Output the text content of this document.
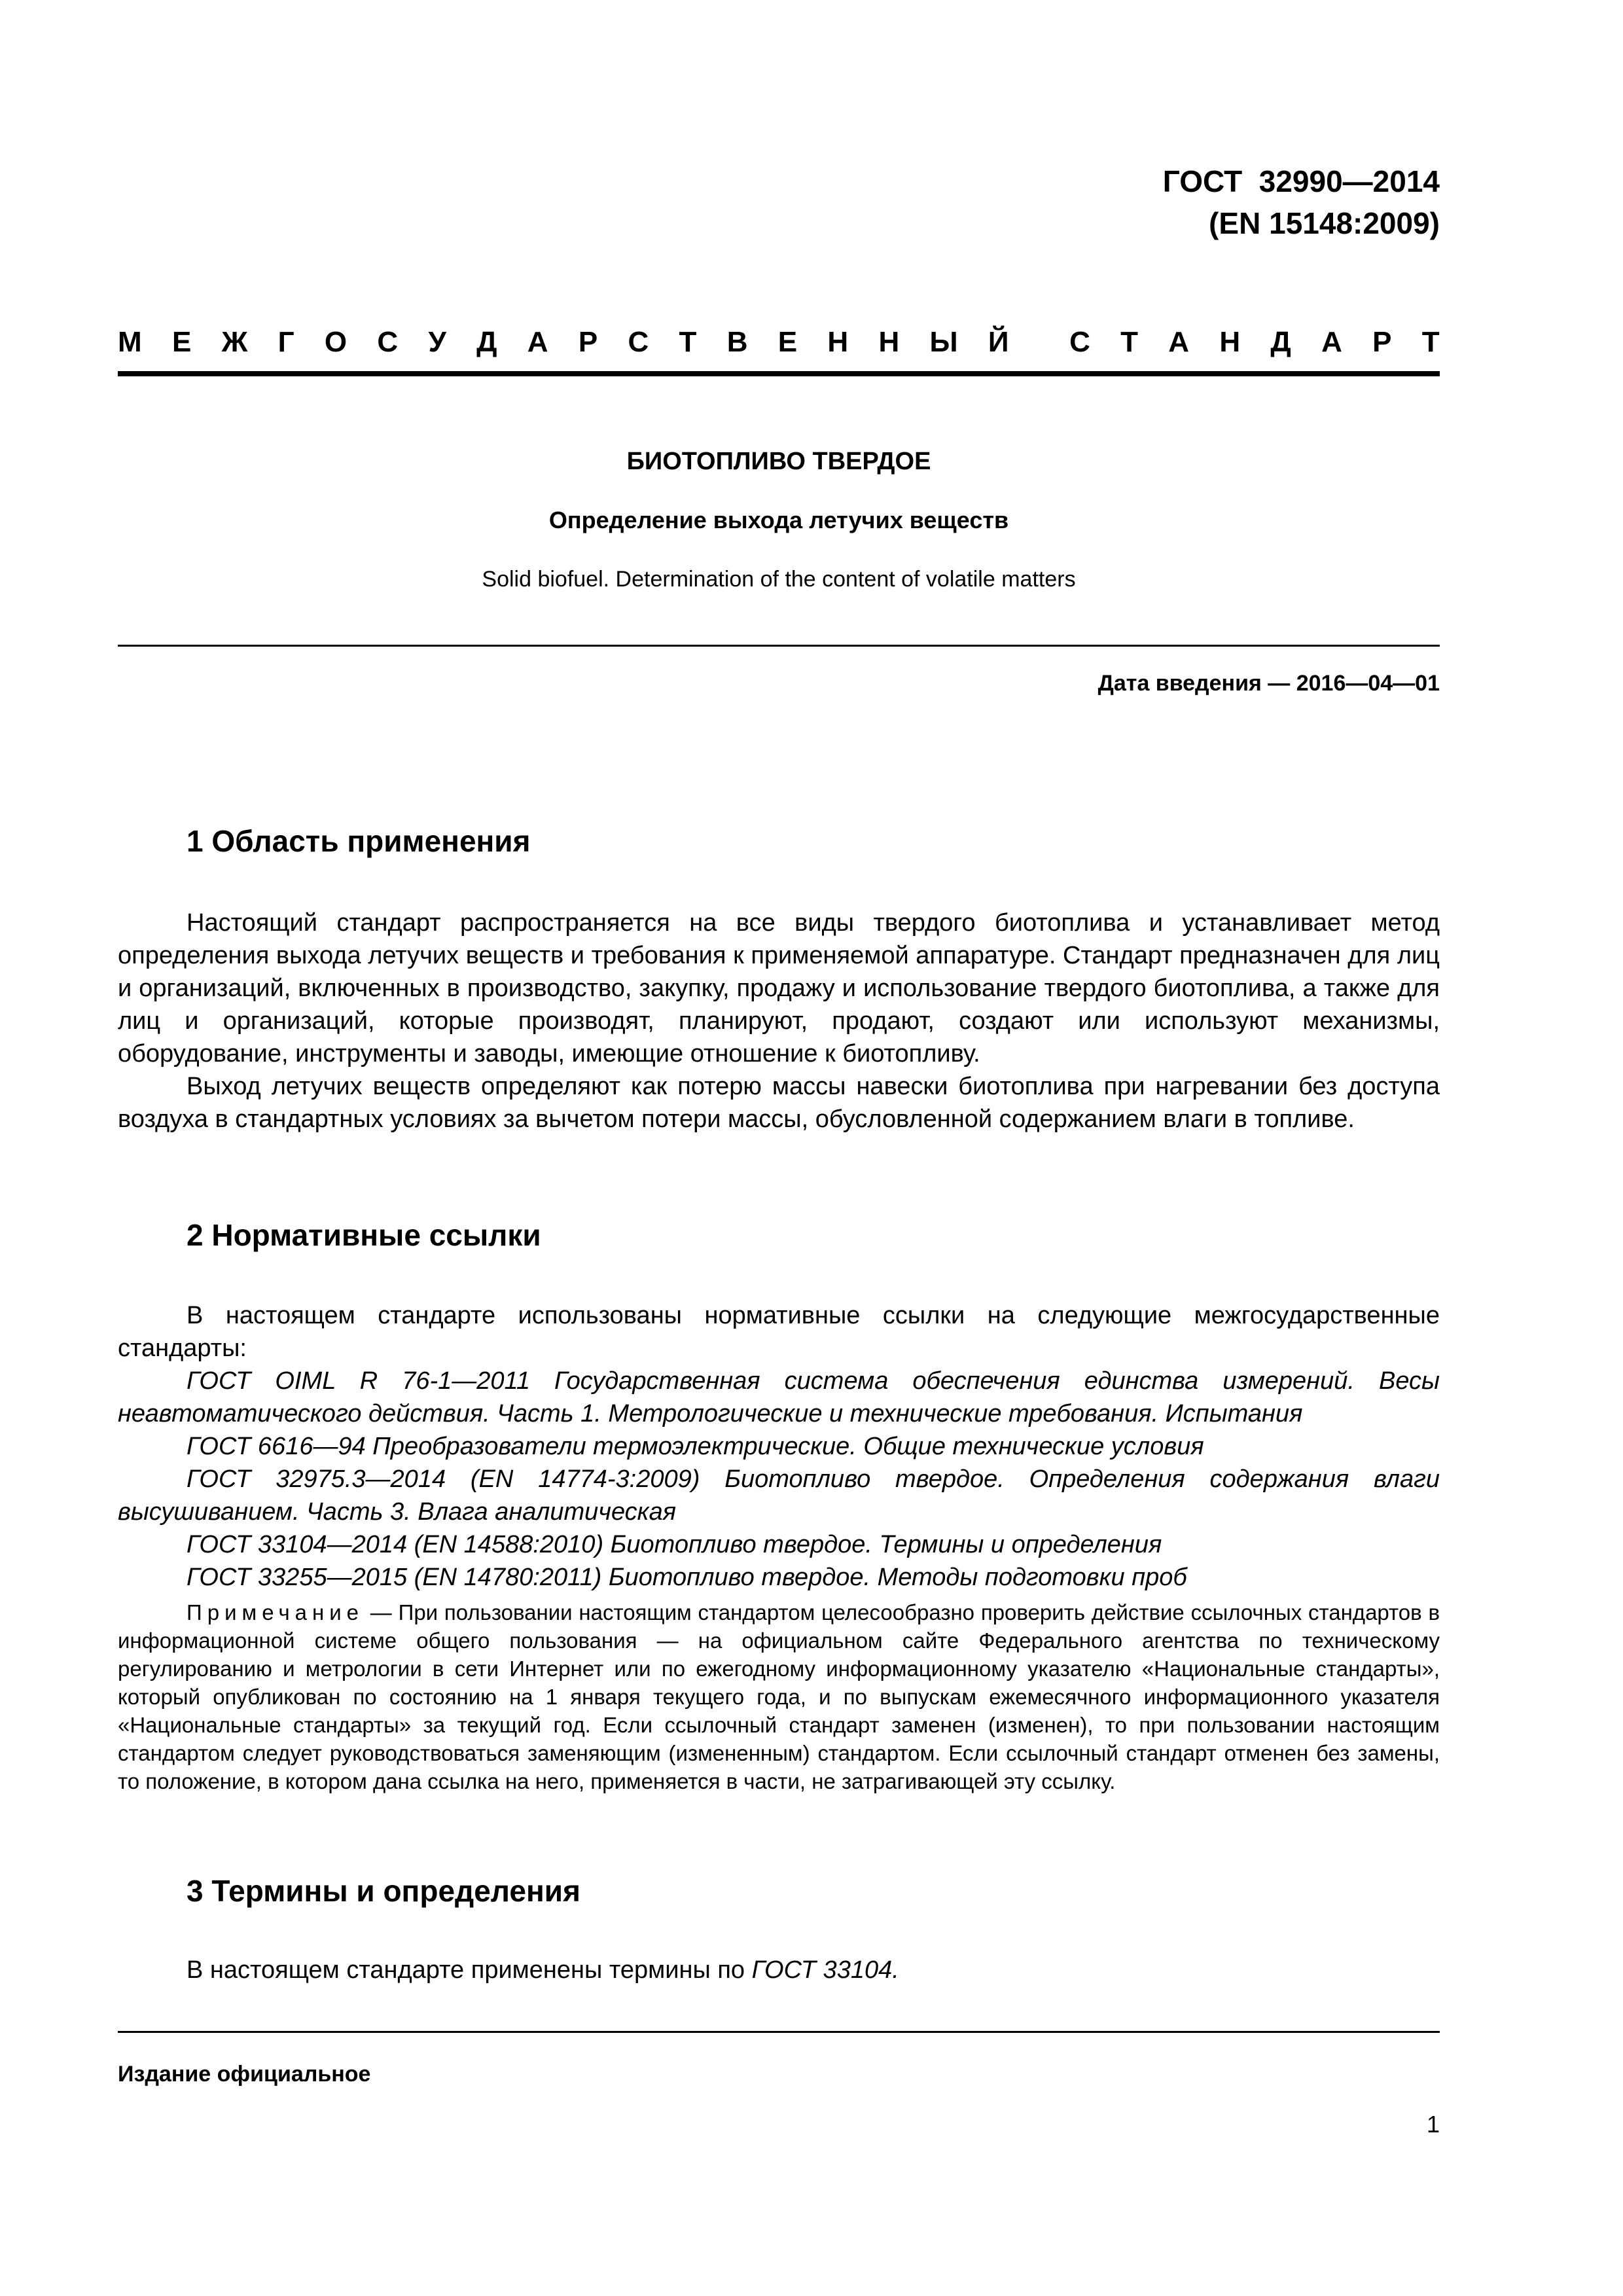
ГОСТ  32990—2014
(EN 15148:2009)
М Е Ж Г О С У Д А Р С Т В Е Н Н Ы Й С Т А Н Д А Р Т

БИОТОПЛИВО ТВЕРДОЕ

Определение выхода летучих веществ

Solid biofuel. Determination of the content of volatile matters

Дата введения — 2016—04—01
1 Область применения

Настоящий стандарт распространяется на все виды твердого биотоплива и устанавливает метод определения выхода летучих веществ и требования к применяемой аппаратуре. Стандарт предназначен для лиц и организаций, включенных в производство, закупку, продажу и использование твердого биотоплива, а также для лиц и организаций, которые производят, планируют, продают, создают или используют механизмы, оборудование, инструменты и заводы, имеющие отношение к биотопливу.

Выход летучих веществ определяют как потерю массы навески биотоплива при нагревании без доступа воздуха в стандартных условиях за вычетом потери массы, обусловленной содержанием влаги в топливе.

2 Нормативные ссылки

В настоящем стандарте использованы нормативные ссылки на следующие межгосударственные стандарты:

ГОСТ OIML R 76-1—2011 Государственная система обеспечения единства измерений. Весы неавтоматического действия. Часть 1. Метрологические и технические требования. Испытания

ГОСТ 6616—94 Преобразователи термоэлектрические. Общие технические условия

ГОСТ 32975.3—2014 (EN 14774-3:2009) Биотопливо твердое. Определения содержания влаги высушиванием. Часть 3. Влага аналитическая

ГОСТ 33104—2014 (EN 14588:2010) Биотопливо твердое. Термины и определения

ГОСТ 33255—2015 (EN 14780:2011) Биотопливо твердое. Методы подготовки проб

Примечание — При пользовании настоящим стандартом целесообразно проверить действие ссылочных стандартов в информационной системе общего пользования — на официальном сайте Федерального агентства по техническому регулированию и метрологии в сети Интернет или по ежегодному информационному указателю «Национальные стандарты», который опубликован по состоянию на 1 января текущего года, и по выпускам ежемесячного информационного указателя «Национальные стандарты» за текущий год. Если ссылочный стандарт заменен (изменен), то при пользовании настоящим стандартом следует руководствоваться заменяющим (измененным) стандартом. Если ссылочный стандарт отменен без замены, то положение, в котором дана ссылка на него, применяется в части, не затрагивающей эту ссылку.

3 Термины и определения

В настоящем стандарте применены термины по ГОСТ 33104.

Издание официальное
1
